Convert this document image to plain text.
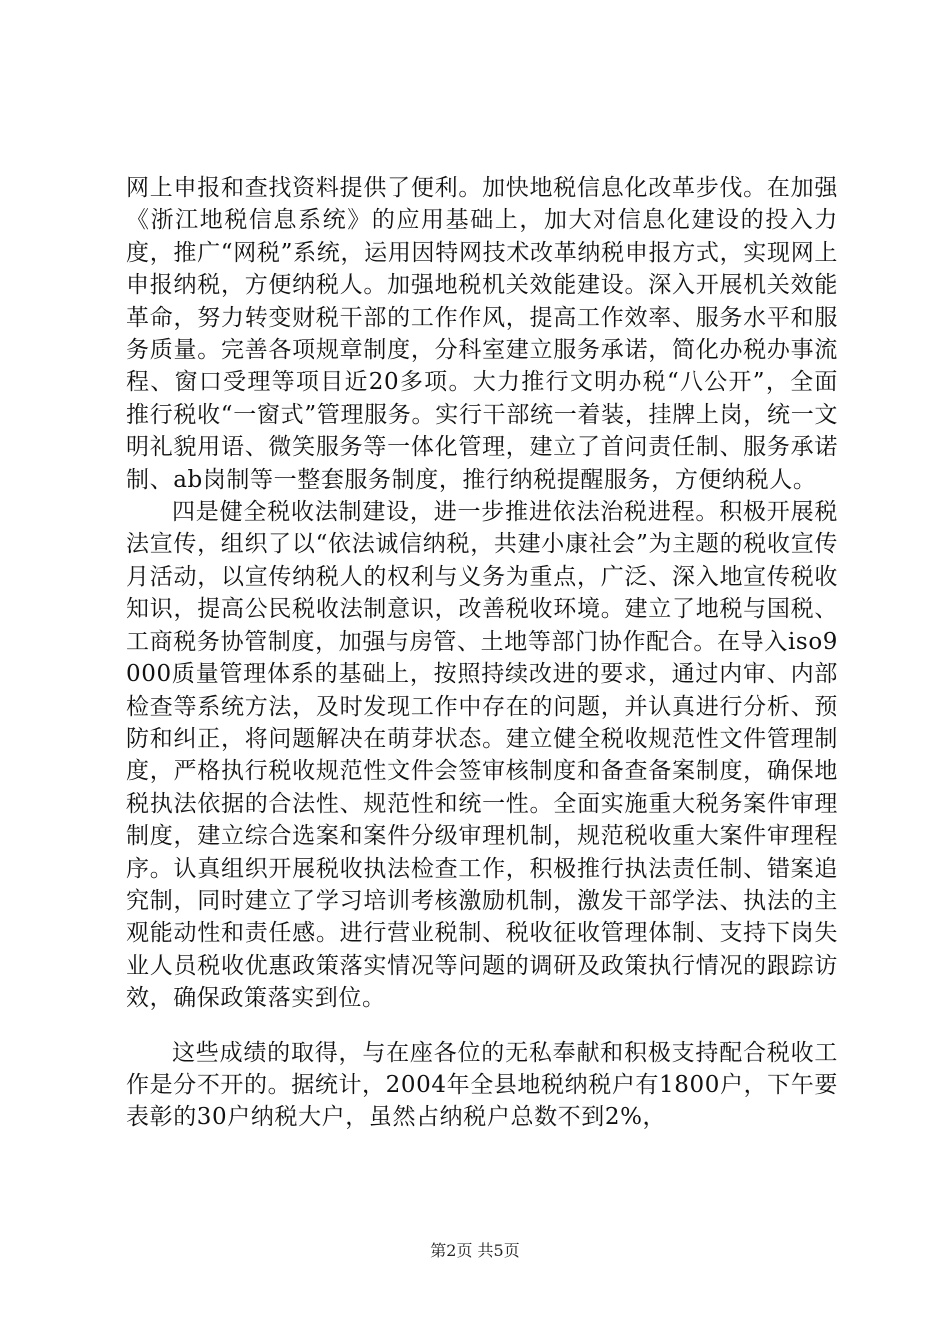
网上申报和查找资料提供了便利。加快地税信息化改革步伐。在加强《浙江地税信息系统》的应用基础上，加大对信息化建设的投入力度，推广“网税”系统，运用因特网技术改革纳税申报方式，实现网上申报纳税，方便纳税人。加强地税机关效能建设。深入开展机关效能革命，努力转变财税干部的工作作风，提高工作效率、服务水平和服务质量。完善各项规章制度，分科室建立服务承诺，简化办税办事流程、窗口受理等项目近20多项。大力推行文明办税“八公开”，全面推行税收“一窗式”管理服务。实行干部统一着装，挂牌上岗，统一文明礼貌用语、微笑服务等一体化管理，建立了首问责任制、服务承诺制、ab岗制等一整套服务制度，推行纳税提醒服务，方便纳税人。

四是健全税收法制建设，进一步推进依法治税进程。积极开展税法宣传，组织了以“依法诚信纳税，共建小康社会”为主题的税收宣传月活动，以宣传纳税人的权利与义务为重点，广泛、深入地宣传税收知识，提高公民税收法制意识，改善税收环境。建立了地税与国税、工商税务协管制度，加强与房管、土地等部门协作配合。在导入iso9000质量管理体系的基础上，按照持续改进的要求，通过内审、内部检查等系统方法，及时发现工作中存在的问题，并认真进行分析、预防和纠正，将问题解决在萌芽状态。建立健全税收规范性文件管理制度，严格执行税收规范性文件会签审核制度和备查备案制度，确保地税执法依据的合法性、规范性和统一性。全面实施重大税务案件审理制度，建立综合选案和案件分级审理机制，规范税收重大案件审理程序。认真组织开展税收执法检查工作，积极推行执法责任制、错案追究制，同时建立了学习培训考核激励机制，激发干部学法、执法的主观能动性和责任感。进行营业税制、税收征收管理体制、支持下岗失业人员税收优惠政策落实情况等问题的调研及政策执行情况的跟踪访效，确保政策落实到位。

这些成绩的取得，与在座各位的无私奉献和积极支持配合税收工作是分不开的。据统计，2004年全县地税纳税户有1800户，下午要表彰的30户纳税大户，虽然占纳税户总数不到2%，

第2页 共5页
